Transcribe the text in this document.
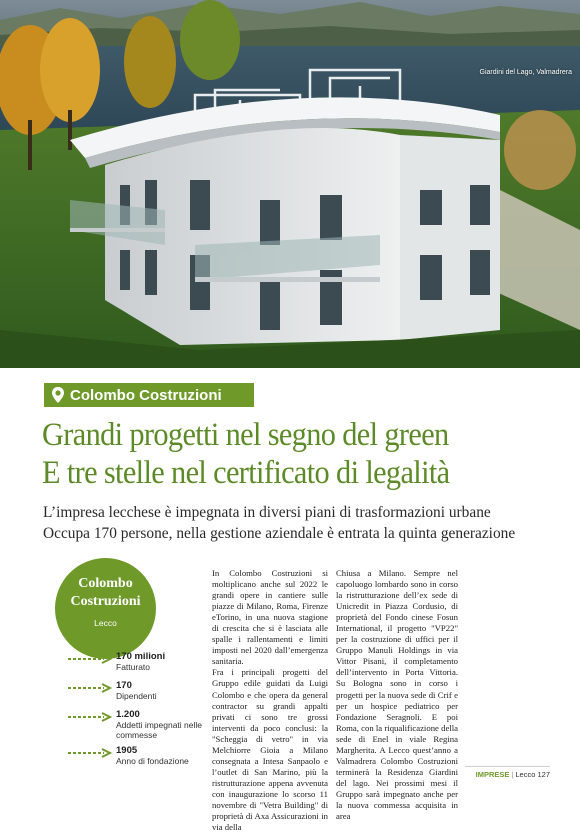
Giardini del Lago, Valmadrera
Colombo Costruzioni
Grandi progetti nel segno del green
E tre stelle nel certificato di legalità
L’impresa lecchese è impegnata in diversi piani di trasformazioni urbane
Occupa 170 persone, nella gestione aziendale è entrata la quinta generazione
Colombo
Costruzioni
Lecco
170 milioni
Fatturato
170
Dipendenti
1.200
Addetti impegnati nelle commesse
1905
Anno di fondazione

In Colombo Costruzioni si moltiplicano anche sul 2022 le grandi opere in cantiere sulle piazze di Milano, Roma, Firenze eTorino, in una nuova stagione di crescita che si è lasciata alle spalle i rallentamenti e limiti imposti nel 2020 dall’emergenza sanitaria.

Fra i principali progetti del Gruppo edile guidati da Luigi Colombo e che opera da general contractor su grandi appalti privati ci sono tre grossi interventi da poco conclusi: la "Scheggia di vetro" in via Melchiorre Gioia a Milano consegnata a Intesa Sanpaolo e l’outlet di San Marino, più la ristrutturazione appena avvenuta con inaugurazione lo scorso 11 novembre di "Vetra Building" di proprietà di Axa Assicurazioni in via della

Chiusa a Milano. Sempre nel capoluogo lombardo sono in corso la ristrutturazione dell’ex sede di Unicredit in Piazza Cordusio, di proprietà del Fondo cinese Fosun International, il progetto "VP22" per la costruzione di uffici per il Gruppo Manuli Holdings in via Vittor Pisani, il completamento dell’intervento in Porta Vittoria. Su Bologna sono in corso i progetti per la nuova sede di Crif e per un hospice pediatrico per Fondazione Seragnoli. E poi Roma, con la riqualificazione della sede di Enel in viale Regina Margherita. A Lecco quest’anno a Valmadrera Colombo Costruzioni terminerà la Residenza Giardini del lago. Nei prossimi mesi il Gruppo sarà impegnato anche per la nuova commessa acquisita in area

IMPRESE | Lecco 127
